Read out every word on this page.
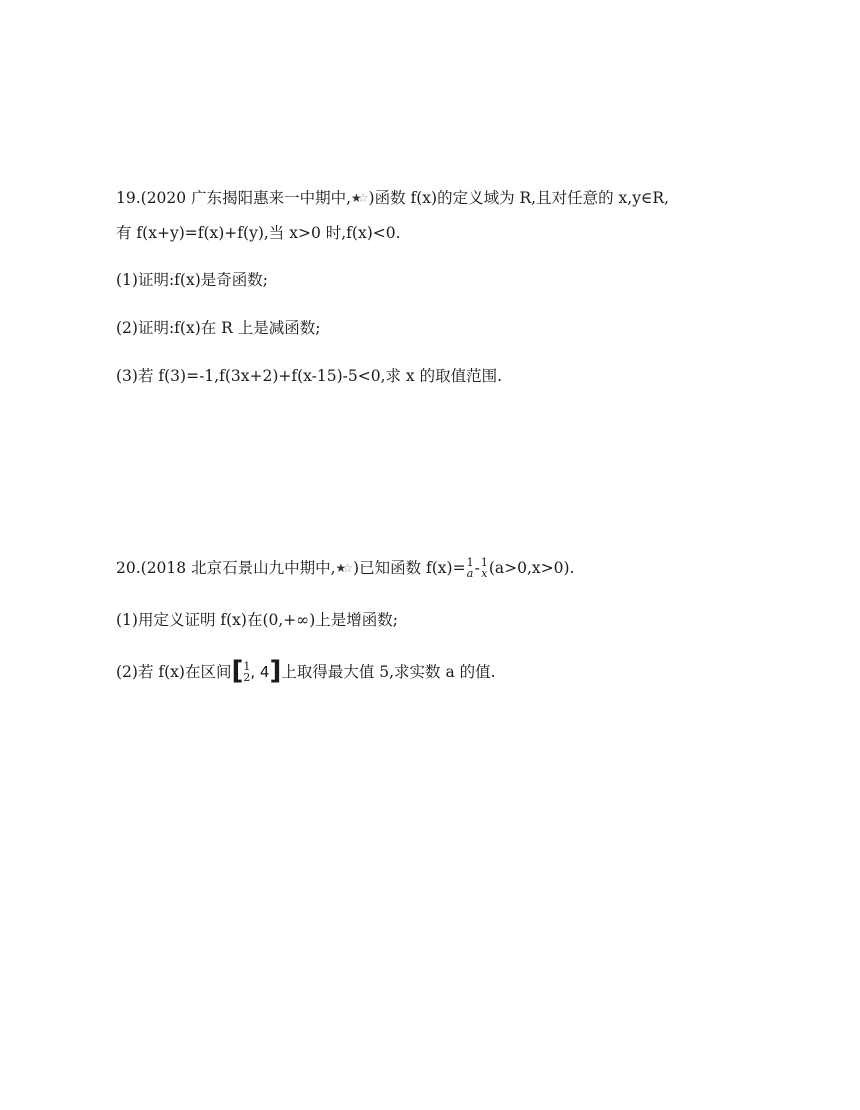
19.(2020 广东揭阳惠来一中期中,★☆ )函数 f(x)的定义域为 R,且对任意的 x,y∈R,
有 f(x+y)=f(x)+f(y),当 x>0 时,f(x)<0.
(1)证明:f(x)是奇函数;
(2)证明:f(x)在 R 上是减函数;
(3)若 f(3)=-1,f(3x+2)+f(x-15)-5<0,求 x 的取值范围.
20.(2018 北京石景山九中期中,★☆ )已知函数 f(x)= 1
a - 1
x (a>0,x>0).
(1)用定义证明 f(x)在(0,+∞)上是增函数;
(2)若 f(x)在区间[ 1
2 , 4]上取得最大值 5,求实数 a 的值.
